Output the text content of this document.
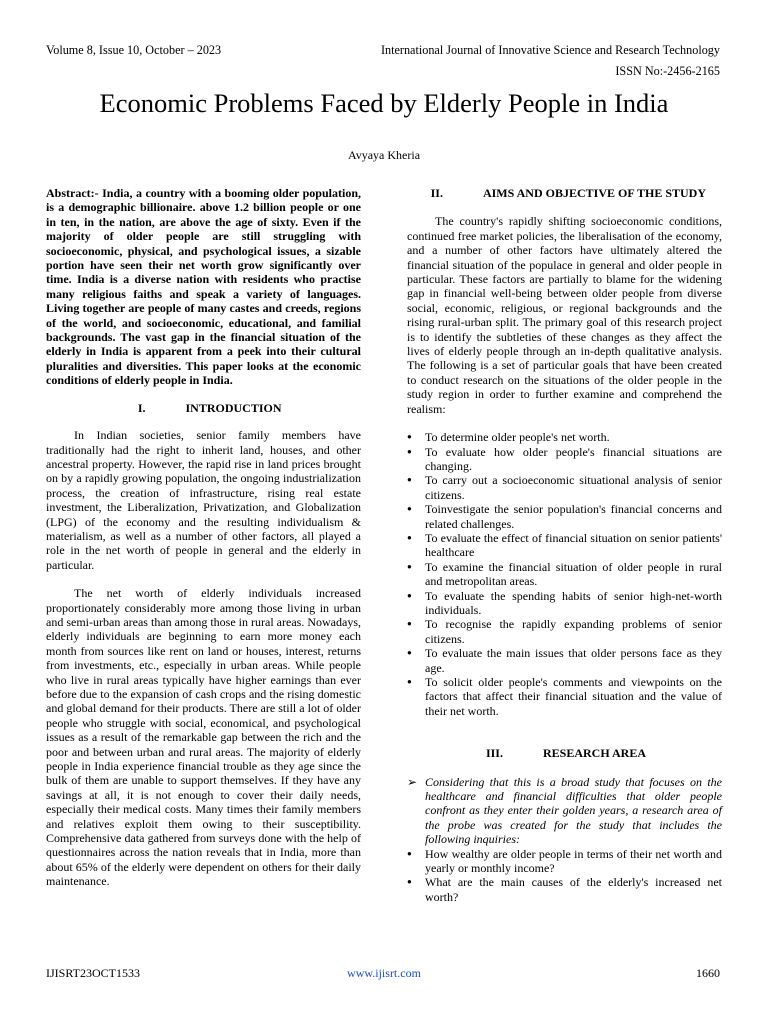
Volume 8, Issue 10, October – 2023	International Journal of Innovative Science and Research Technology
ISSN No:-2456-2165
Economic Problems Faced by Elderly People in India
Avyaya Kheria

Abstract:- India, a country with a booming older population, is a demographic billionaire. above 1.2 billion people or one in ten, in the nation, are above the age of sixty. Even if the majority of older people are still struggling with socioeconomic, physical, and psychological issues, a sizable portion have seen their net worth grow significantly over time. India is a diverse nation with residents who practise many religious faiths and speak a variety of languages. Living together are people of many castes and creeds, regions of the world, and socioeconomic, educational, and familial backgrounds. The vast gap in the financial situation of the elderly in India is apparent from a peek into their cultural pluralities and diversities. This paper looks at the economic conditions of elderly people in India.

I.	INTRODUCTION

In Indian societies, senior family members have traditionally had the right to inherit land, houses, and other ancestral property. However, the rapid rise in land prices brought on by a rapidly growing population, the ongoing industrialization process, the creation of infrastructure, rising real estate investment, the Liberalization, Privatization, and Globalization (LPG) of the economy and the resulting individualism & materialism, as well as a number of other factors, all played a role in the net worth of people in general and the elderly in particular.

The net worth of elderly individuals increased proportionately considerably more among those living in urban and semi-urban areas than among those in rural areas. Nowadays, elderly individuals are beginning to earn more money each month from sources like rent on land or houses, interest, returns from investments, etc., especially in urban areas. While people who live in rural areas typically have higher earnings than ever before due to the expansion of cash crops and the rising domestic and global demand for their products. There are still a lot of older people who struggle with social, economical, and psychological issues as a result of the remarkable gap between the rich and the poor and between urban and rural areas. The majority of elderly people in India experience financial trouble as they age since the bulk of them are unable to support themselves. If they have any savings at all, it is not enough to cover their daily needs, especially their medical costs. Many times their family members and relatives exploit them owing to their susceptibility. Comprehensive data gathered from surveys done with the help of questionnaires across the nation reveals that in India, more than about 65% of the elderly were dependent on others for their daily maintenance.

II.	AIMS AND OBJECTIVE OF THE STUDY

The country's rapidly shifting socioeconomic conditions, continued free market policies, the liberalisation of the economy, and a number of other factors have ultimately altered the financial situation of the populace in general and older people in particular. These factors are partially to blame for the widening gap in financial well-being between older people from diverse social, economic, religious, or regional backgrounds and the rising rural-urban split. The primary goal of this research project is to identify the subtleties of these changes as they affect the lives of elderly people through an in-depth qualitative analysis. The following is a set of particular goals that have been created to conduct research on the situations of the older people in the study region in order to further examine and comprehend the realism:

● To determine older people's net worth.
● To evaluate how older people's financial situations are changing.
● To carry out a socioeconomic situational analysis of senior citizens.
● Toinvestigate the senior population's financial concerns and related challenges.
● To evaluate the effect of financial situation on senior patients' healthcare
● To examine the financial situation of older people in rural and metropolitan areas.
● To evaluate the spending habits of senior high-net-worth individuals.
● To recognise the rapidly expanding problems of senior citizens.
● To evaluate the main issues that older persons face as they age.
● To solicit older people's comments and viewpoints on the factors that affect their financial situation and the value of their net worth.
III.	RESEARCH AREA
➢ Considering that this is a broad study that focuses on the healthcare and financial difficulties that older people confront as they enter their golden years, a research area of the probe was created for the study that includes the following inquiries:
● How wealthy are older people in terms of their net worth and yearly or monthly income?
● What are the main causes of the elderly's increased net worth?
IJISRT23OCT1533	www.ijisrt.com	1660
